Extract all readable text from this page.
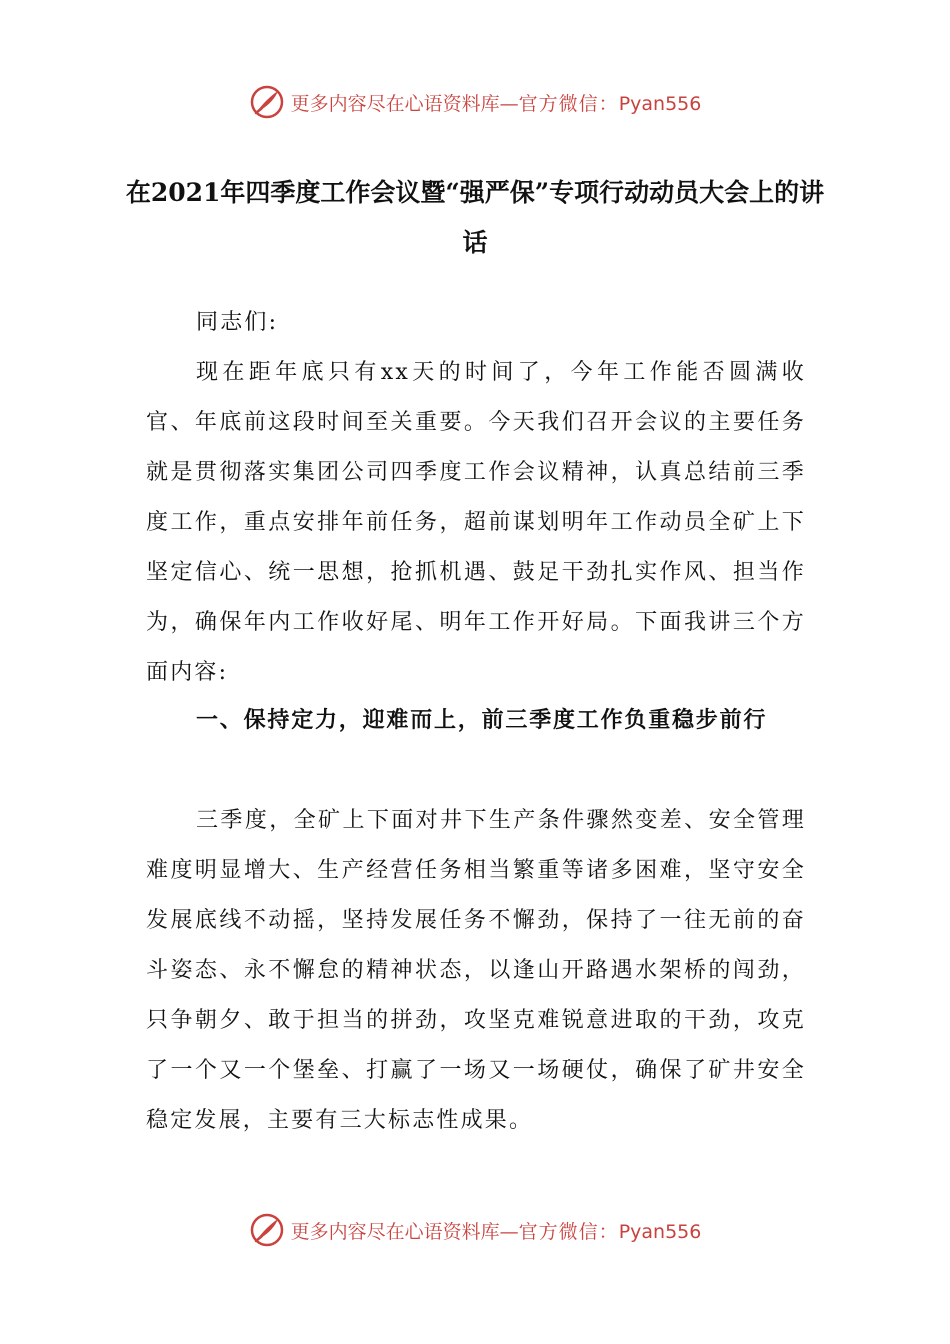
更多内容尽在心语资料库—官方微信：Pyan556
在2021年四季度工作会议暨“强严保”专项行动动员大会上的讲话
同志们:
现在距年底只有xx天的时间了，今年工作能否圆满收官、年底前这段时间至关重要。今天我们召开会议的主要任务就是贯彻落实集团公司四季度工作会议精神，认真总结前三季度工作，重点安排年前任务，超前谋划明年工作动员全矿上下坚定信心、统一思想，抢抓机遇、鼓足干劲扎实作风、担当作为，确保年内工作收好尾、明年工作开好局。下面我讲三个方面内容:
一、保持定力，迎难而上，前三季度工作负重稳步前行
三季度，全矿上下面对井下生产条件骤然变差、安全管理难度明显增大、生产经营任务相当繁重等诸多困难，坚守安全发展底线不动摇，坚持发展任务不懈劲，保持了一往无前的奋斗姿态、永不懈怠的精神状态，以逢山开路遇水架桥的闯劲，只争朝夕、敢于担当的拼劲，攻坚克难锐意进取的干劲，攻克了一个又一个堡垒、打赢了一场又一场硬仗，确保了矿井安全稳定发展，主要有三大标志性成果。
更多内容尽在心语资料库—官方微信：Pyan556
